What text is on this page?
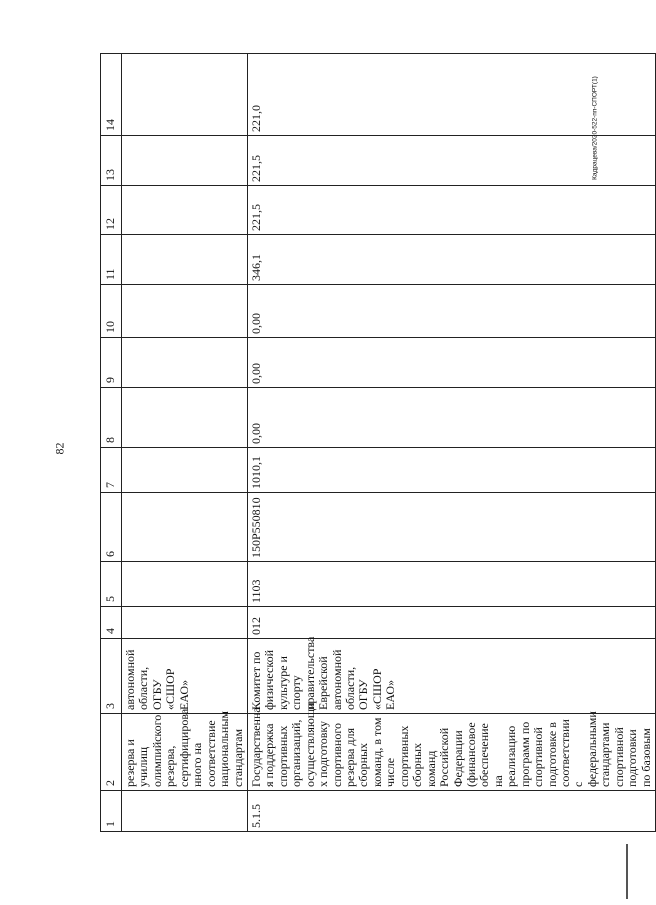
82
Кадрацева/2020-522-пп-СПОРТ(1)
1	2	3	4	5	6	7	8	9	10	11	12	13	14
	резерва и училищ олимпийского резерва, сертифицирова нного на соответствие национальным стандартам	автономной области, ОГБУ «СШОР ЕАО»											
5.1.5	Государственна я поддержка спортивных организаций, осуществляющи х подготовку спортивного резерва для сборных команд, в том числе спортивных сборных команд Российской Федерации (финансовое обеспечение на реализацию программ по спортивной подготовке в соответствии с федеральными стандартами спортивной подготовки по базовым	Комитет по физической культуре и спорту правительства Еврейской автономной области, ОГБУ «СШОР ЕАО»	012	1103	150P550810	1010,1	0,00	0,00	0,00	346,1	221,5	221,5	221,0
